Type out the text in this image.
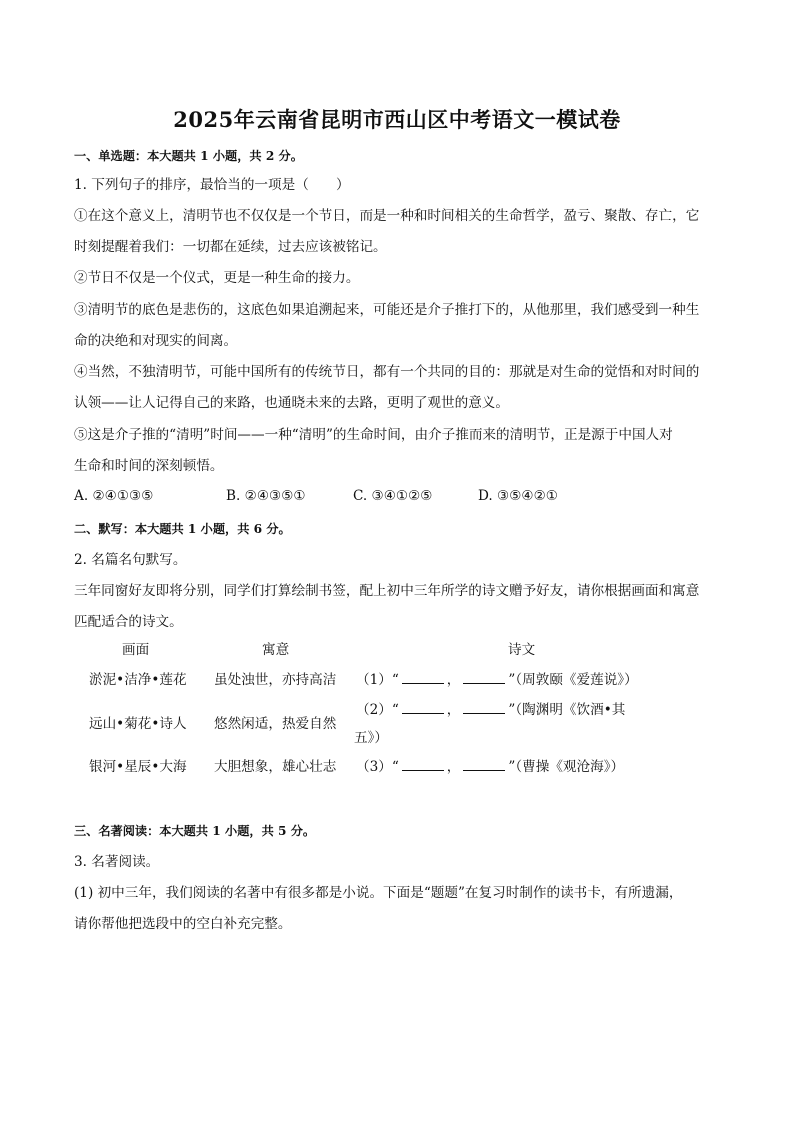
2025年云南省昆明市西山区中考语文一模试卷
一、单选题：本大题共 1 小题，共 2 分。
1. 下列句子的排序，最恰当的一项是（　　）
①在这个意义上，清明节也不仅仅是一个节日，而是一种和时间相关的生命哲学，盈亏、聚散、存亡，它
时刻提醒着我们：一切都在延续，过去应该被铭记。
②节日不仅是一个仪式，更是一种生命的接力。
③清明节的底色是悲伤的，这底色如果追溯起来，可能还是介子推打下的，从他那里，我们感受到一种生
命的决绝和对现实的间离。
④当然，不独清明节，可能中国所有的传统节日，都有一个共同的目的：那就是对生命的觉悟和对时间的
认领——让人记得自己的来路，也通晓未来的去路，更明了观世的意义。
⑤这是介子推的“清明”时间——一种“清明”的生命时间，由介子推而来的清明节，正是源于中国人对
生命和时间的深刻顿悟。
A. ②④①③⑤	B. ②④③⑤①	C. ③④①②⑤	D. ③⑤④②①
二、默写：本大题共 1 小题，共 6 分。
2. 名篇名句默写。
三年同窗好友即将分别，同学们打算绘制书签，配上初中三年所学的诗文赠予好友，请你根据画面和寓意
匹配适合的诗文。
画面	寓意	诗文
淤泥•洁净•莲花 虽处浊世，亦持高洁 （1）“	，	”（周敦颐《爱莲说》）
远山•菊花•诗人 悠然闲适，热爱自然
（2）“	，	”（陶渊明《饮酒•其
五》）
银河•星辰•大海 大胆想象，雄心壮志 （3）“	，	”（曹操《观沧海》）
三、名著阅读：本大题共 1 小题，共 5 分。
3. 名著阅读。
(1) 初中三年，我们阅读的名著中有很多都是小说。下面是“题题”在复习时制作的读书卡，有所遗漏，
请你帮他把选段中的空白补充完整。
